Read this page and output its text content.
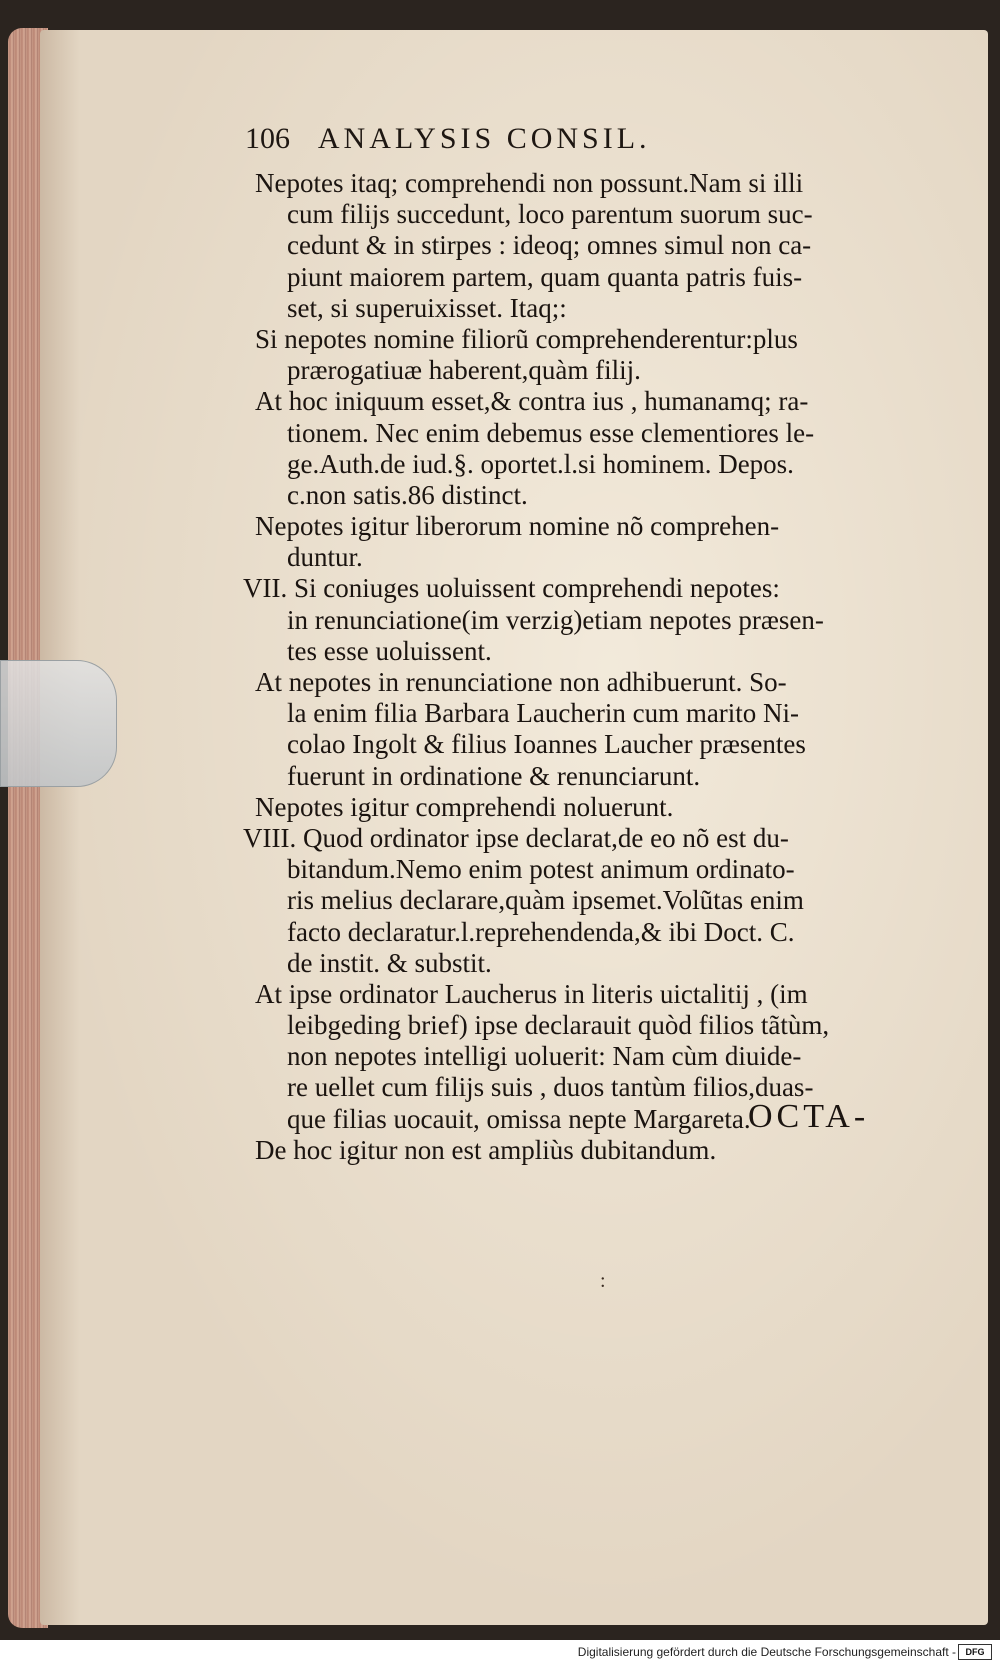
106 ANALYSIS CONSIL.
Nepotes itaq; comprehendi non possunt.Nam si illi
cum filijs succedunt, loco parentum suorum suc-
cedunt & in stirpes : ideoq; omnes simul non ca-
piunt maiorem partem, quam quanta patris fuis-
set, si superuixisset. Itaq;:
Si nepotes nomine filiorũ comprehenderentur:plus
prærogatiuæ haberent,quàm filij.
At hoc iniquum esset,& contra ius , humanamq; ra-
tionem. Nec enim debemus esse clementiores le-
ge.Auth.de iud.§. oportet.l.si hominem. Depos.
c.non satis.86 distinct.
Nepotes igitur liberorum nomine nõ comprehen-
duntur.
VII. Si coniuges uoluissent comprehendi nepotes:
in renunciatione(im verzig)etiam nepotes præsen-
tes esse uoluissent.
At nepotes in renunciatione non adhibuerunt. So-
la enim filia Barbara Laucherin cum marito Ni-
colao Ingolt & filius Ioannes Laucher præsentes
fuerunt in ordinatione & renunciarunt.
Nepotes igitur comprehendi noluerunt.
VIII. Quod ordinator ipse declarat,de eo nõ est du-
bitandum.Nemo enim potest animum ordinato-
ris melius declarare,quàm ipsemet.Volũtas enim
facto declaratur.l.reprehendenda,& ibi Doct. C.
de instit. & substit.
At ipse ordinator Laucherus in literis uictalitij , (im
leibgeding brief) ipse declarauit quòd filios tãtùm,
non nepotes intelligi uoluerit: Nam cùm diuide-
re uellet cum filijs suis , duos tantùm filios,duas-
que filias uocauit, omissa nepte Margareta.
De hoc igitur non est ampliùs dubitandum.
OCTA-
:
Digitalisierung gefördert durch die Deutsche Forschungsgemeinschaft -	DFG
